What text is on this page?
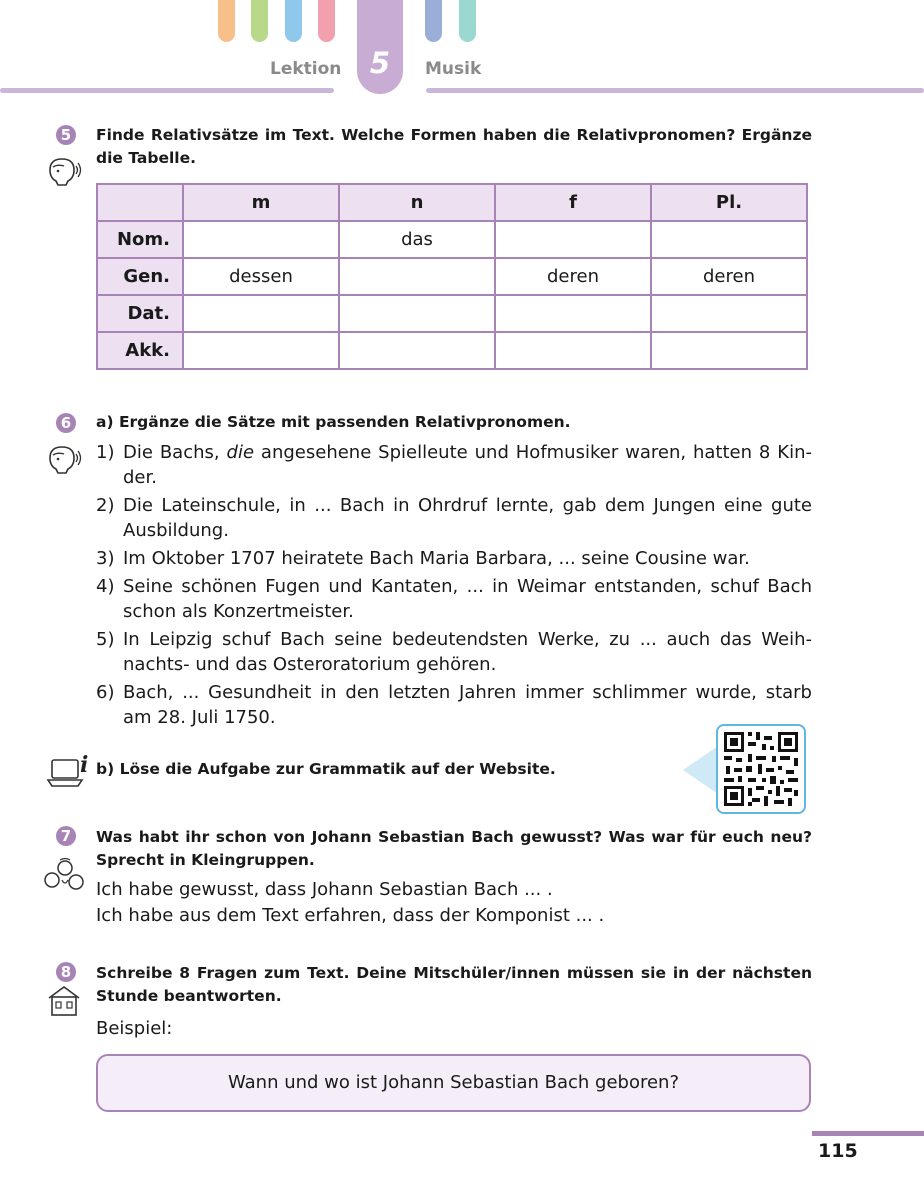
5
Lektion	Musik
5	Finde Relativsätze im Text. Welche Formen haben die Relativpronomen? Ergänze die Tabelle.
	m	n	f	Pl.
Nom.		das		
Gen.	dessen		deren	deren
Dat.				
Akk.				
6	a) Ergänze die Sätze mit passenden Relativpronomen.
1) Die Bachs, die angesehene Spielleute und Hofmusiker waren, hatten 8 Kin-der.
2) Die Lateinschule, in ... Bach in Ohrdruf lernte, gab dem Jungen eine gute Ausbildung.
3) Im Oktober 1707 heiratete Bach Maria Barbara, ... seine Cousine war.
4) Seine schönen Fugen und Kantaten, ... in Weimar entstanden, schuf Bach schon als Konzertmeister.
5) In Leipzig schuf Bach seine bedeutendsten Werke, zu ... auch das Weih-nachts- und das Osteroratorium gehören.
6) Bach, ... Gesundheit in den letzten Jahren immer schlimmer wurde, starb am 28. Juli 1750.
i b) Löse die Aufgabe zur Grammatik auf der Website.
7	Was habt ihr schon von Johann Sebastian Bach gewusst? Was war für euch neu? Sprecht in Kleingruppen.
Ich habe gewusst, dass Johann Sebastian Bach ... .
Ich habe aus dem Text erfahren, dass der Komponist ... .
8	Schreibe 8 Fragen zum Text. Deine Mitschüler/innen müssen sie in der nächsten Stunde beantworten.
Beispiel:
Wann und wo ist Johann Sebastian Bach geboren?
115
